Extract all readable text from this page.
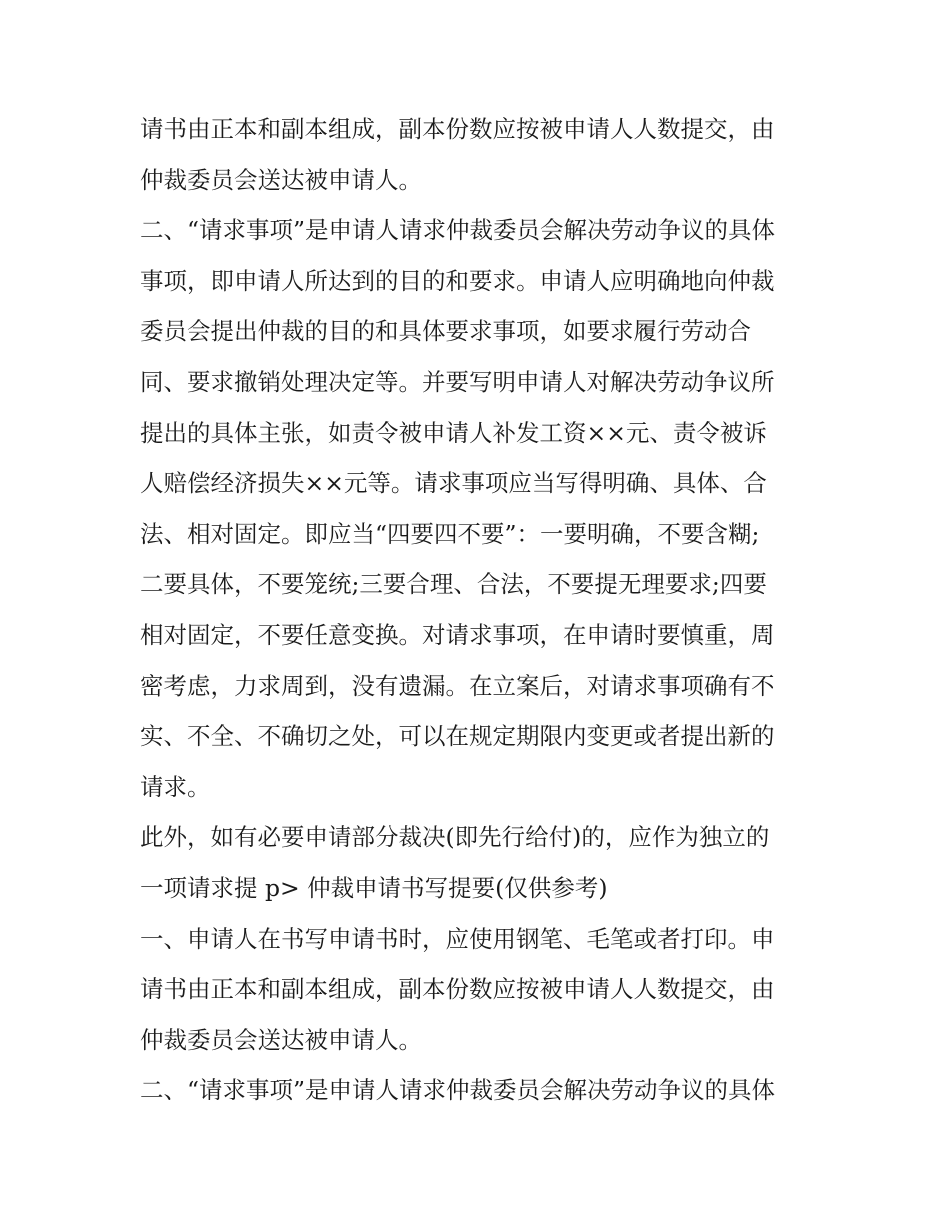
请书由正本和副本组成，副本份数应按被申请人人数提交，由
仲裁委员会送达被申请人。
二、“请求事项”是申请人请求仲裁委员会解决劳动争议的具体
事项，即申请人所达到的目的和要求。申请人应明确地向仲裁
委员会提出仲裁的目的和具体要求事项，如要求履行劳动合
同、要求撤销处理决定等。并要写明申请人对解决劳动争议所
提出的具体主张，如责令被申请人补发工资××元、责令被诉
人赔偿经济损失××元等。请求事项应当写得明确、具体、合
法、相对固定。即应当“四要四不要”：一要明确，不要含糊;
二要具体，不要笼统;三要合理、合法，不要提无理要求;四要
相对固定，不要任意变换。对请求事项，在申请时要慎重，周
密考虑，力求周到，没有遗漏。在立案后，对请求事项确有不
实、不全、不确切之处，可以在规定期限内变更或者提出新的
请求。
此外，如有必要申请部分裁决(即先行给付)的，应作为独立的
一项请求提 p> 仲裁申请书写提要(仅供参考)
一、申请人在书写申请书时，应使用钢笔、毛笔或者打印。申
请书由正本和副本组成，副本份数应按被申请人人数提交，由
仲裁委员会送达被申请人。
二、“请求事项”是申请人请求仲裁委员会解决劳动争议的具体
